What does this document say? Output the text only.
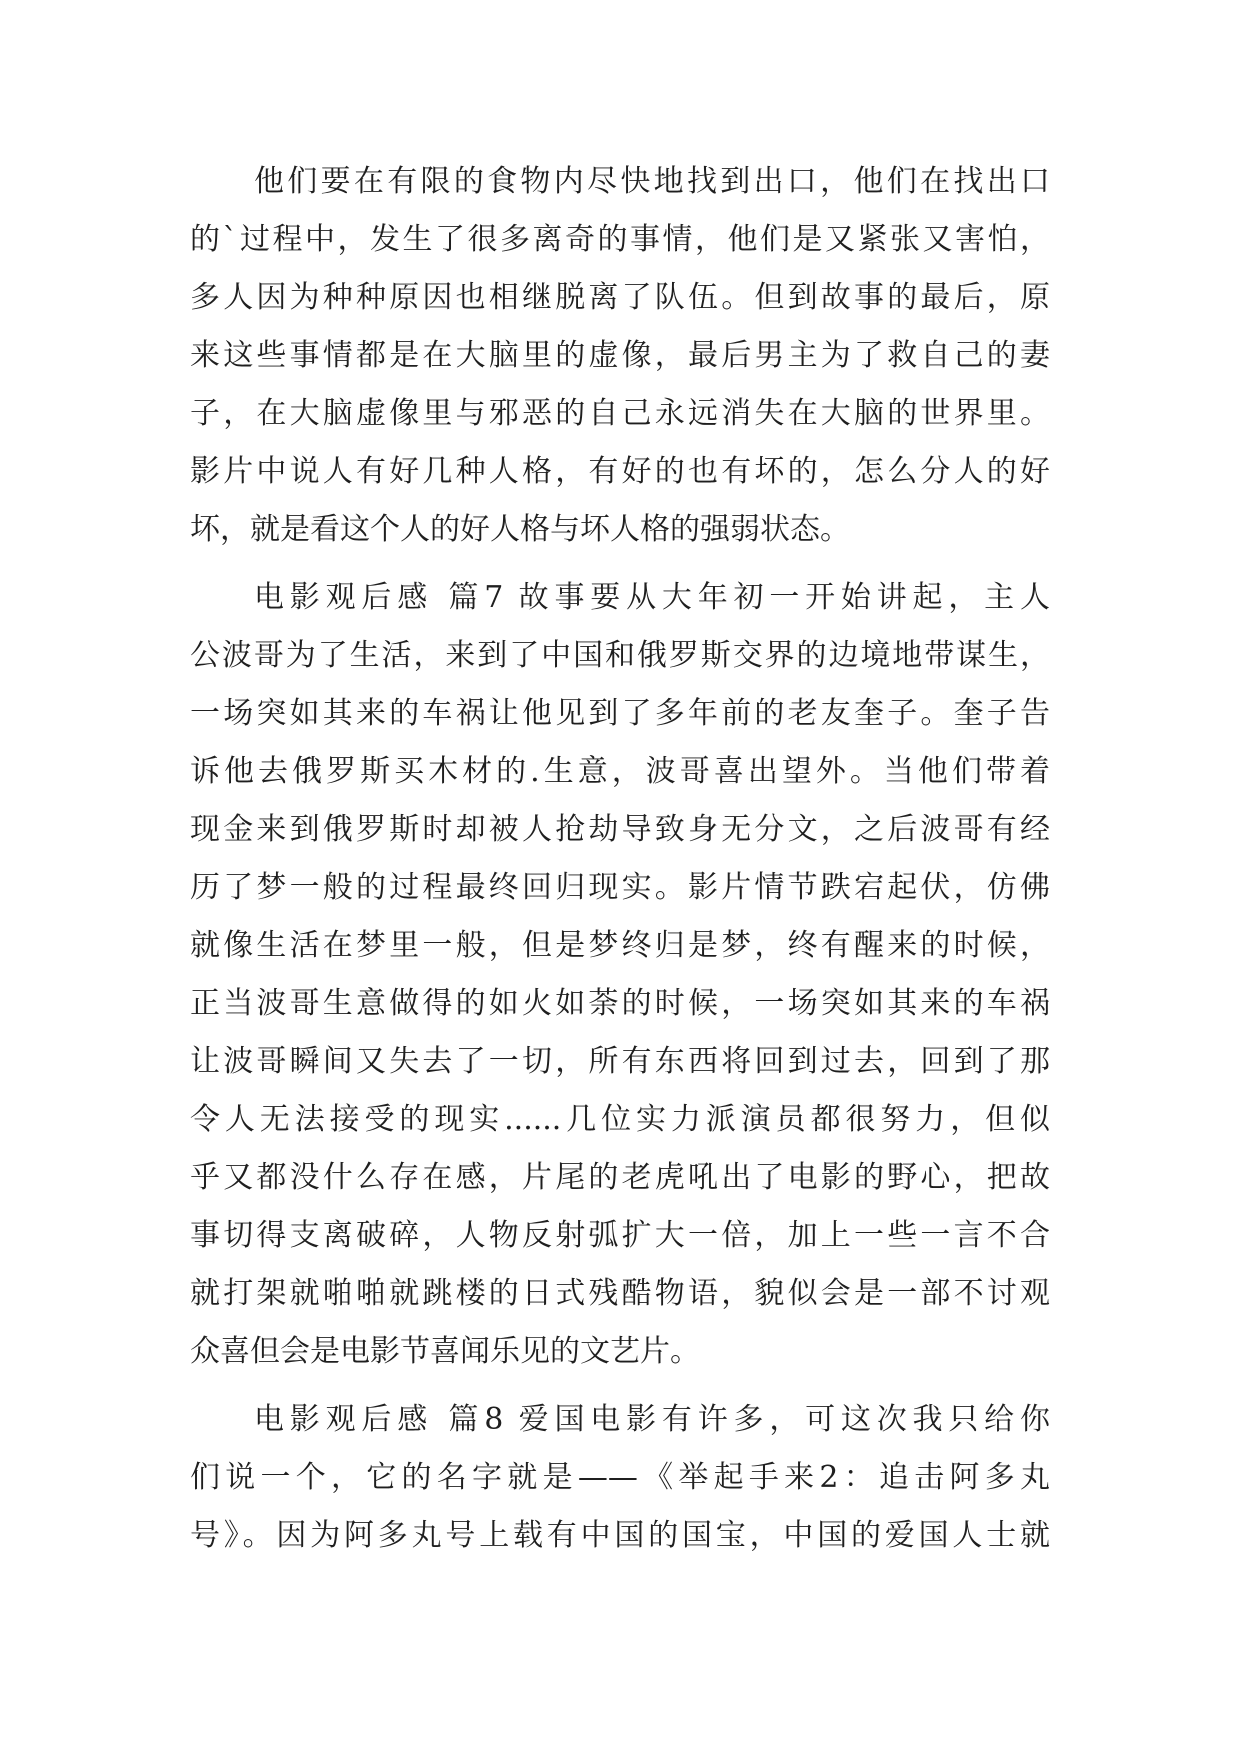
他们要在有限的食物内尽快地找到出口，他们在找出口
的`过程中，发生了很多离奇的事情，他们是又紧张又害怕，
多人因为种种原因也相继脱离了队伍。但到故事的最后，原
来这些事情都是在大脑里的虚像，最后男主为了救自己的妻
子，在大脑虚像里与邪恶的自己永远消失在大脑的世界里。
影片中说人有好几种人格，有好的也有坏的，怎么分人的好
坏，就是看这个人的好人格与坏人格的强弱状态。
电影观后感 篇7 故事要从大年初一开始讲起，主人
公波哥为了生活，来到了中国和俄罗斯交界的边境地带谋生，
一场突如其来的车祸让他见到了多年前的老友奎子。奎子告
诉他去俄罗斯买木材的.生意，波哥喜出望外。当他们带着
现金来到俄罗斯时却被人抢劫导致身无分文，之后波哥有经
历了梦一般的过程最终回归现实。影片情节跌宕起伏，仿佛
就像生活在梦里一般，但是梦终归是梦，终有醒来的时候，
正当波哥生意做得的如火如荼的时候，一场突如其来的车祸
让波哥瞬间又失去了一切，所有东西将回到过去，回到了那
令人无法接受的现实......几位实力派演员都很努力，但似
乎又都没什么存在感，片尾的老虎吼出了电影的野心，把故
事切得支离破碎，人物反射弧扩大一倍，加上一些一言不合
就打架就啪啪就跳楼的日式残酷物语，貌似会是一部不讨观
众喜但会是电影节喜闻乐见的文艺片。
电影观后感 篇8 爱国电影有许多，可这次我只给你
们说一个，它的名字就是——《举起手来2：追击阿多丸
号》。因为阿多丸号上载有中国的国宝，中国的爱国人士就
